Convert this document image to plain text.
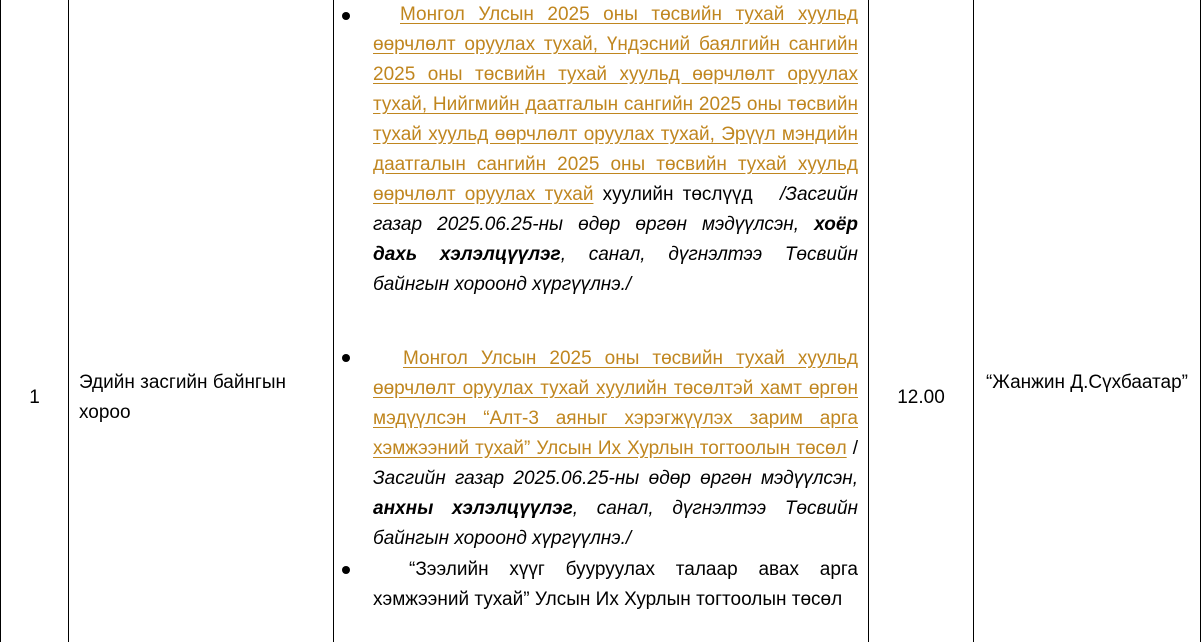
1
Эдийн засгийн байнгын хороо
12.00
“Жанжин Д.Сүхбаатар”
Монгол Улсын 2025 оны төсвийн тухай хуульд өөрчлөлт оруулах тухай, Үндэсний баялгийн сангийн 2025 оны төсвийн тухай хуульд өөрчлөлт оруулах тухай, Нийгмийн даатгалын сангийн 2025 оны төсвийн тухай хуульд өөрчлөлт оруулах тухай, Эрүүл мэндийн даатгалын сангийн 2025 оны төсвийн тухай хуульд өөрчлөлт оруулах тухай хуулийн төслүүд /Засгийн газар 2025.06.25-ны өдөр өргөн мэдүүлсэн, хоёр дахь хэлэлцүүлэг, санал, дүгнэлтээ Төсвийн байнгын хороонд хүргүүлнэ./
Монгол Улсын 2025 оны төсвийн тухай хуульд өөрчлөлт оруулах тухай хуулийн төсөлтэй хамт өргөн мэдүүлсэн “Алт-3 аяныг хэрэгжүүлэх зарим арга хэмжээний тухай” Улсын Их Хурлын тогтоолын төсөл /Засгийн газар 2025.06.25-ны өдөр өргөн мэдүүлсэн, анхны хэлэлцүүлэг, санал, дүгнэлтээ Төсвийн байнгын хороонд хүргүүлнэ./
“Зээлийн хүүг бууруулах талаар авах арга хэмжээний тухай” Улсын Их Хурлын тогтоолын төсөл
